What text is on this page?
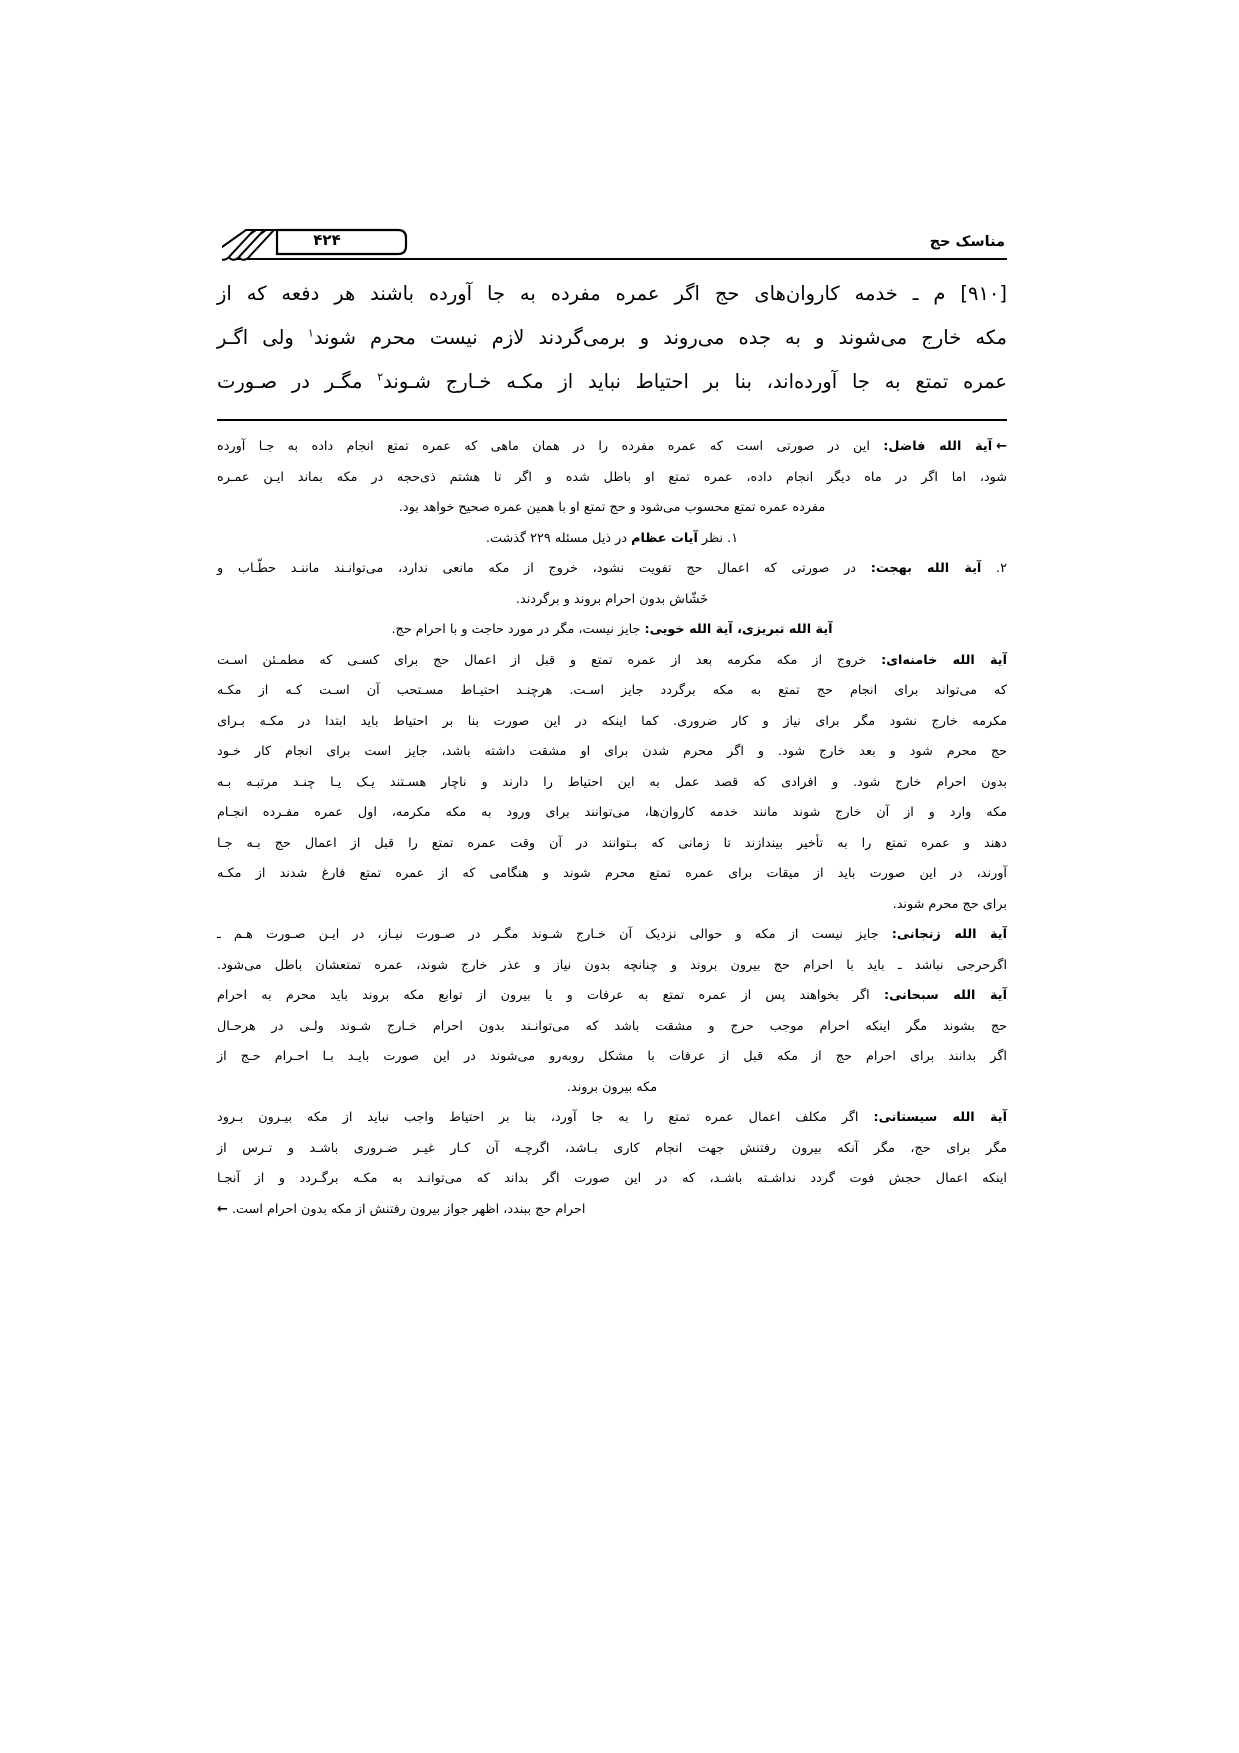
مناسک حج
۴۲۴

[۹۱۰] م ـ خدمه کاروان‌های حج اگر عمره مفرده به جا آورده باشند هر دفعه که از

مکه خارج می‌شوند و به جده می‌روند و برمی‌گردند لازم نیست محرم شوند$^۱$ ولی اگـر

عمره تمتع به جا آورده‌اند، بنا بر احتیاط نباید از مکـه خـارج شـوند$^۲$ مگـر در صـورت

←آیة الله فاضل: این در صورتی است که عمره مفرده را در همان ماهی که عمره تمتع انجام داده به جـا آورده

شود، اما اگر در ماه دیگر انجام داده، عمره تمتع او باطل شده و اگر تا هشتم ذی‌حجه در مکه بماند ایـن عمـره

مفرده عمره تمتع محسوب می‌شود و حج تمتع او با همین عمره صحیح خواهد بود.

۱. نظر آیات عظام در ذیل مسئله ۲۲۹ گذشت.

۲. آیة الله بهجت: در صورتی که اعمال حج تفویت نشود، خروج از مکه مانعی ندارد، می‌توانـند ماننـد حطّـاب و

خَشّاش بدون احرام بروند و برگردند.

آیة الله تبریزی، آیة الله خویی: جایز نیست، مگر در مورد حاجت و با احرام حج.

آیة الله خامنه‌ای: خروج از مکه مکرمه بعد از عمره تمتع و قبل از اعمال حج برای کسـی که مطمـئن اسـت

که می‌تواند برای انجام حج تمتع به مکه برگردد جایز اسـت. هرچنـد احتیـاط مسـتحب آن اسـت کـه از مکـه

مکرمه خارج نشود مگر برای نیاز و کار ضروری. کما اینکه در این صورت بنا بر احتیاط باید ابتدا در مکـه بـرای

حج محرم شود و بعد خارج شود. و اگر محرم شدن برای او مشقت داشته باشد، جایز است برای انجام کار خـود

بدون احرام خارج شود. و افرادی که قصد عمل به این احتیاط را دارند و ناچار هسـتند یـک یـا چنـد مرتبـه بـه

مکه وارد و از آن خارج شوند مانند خدمه کاروان‌ها، می‌توانند برای ورود به مکه مکرمه، اول عمره مفـرده انجـام

دهند و عمره تمتع را به تأخیر بیندازند تا زمانی که بـتوانند در آن وقت عمره تمتع را قبل از اعمال حج بـه جـا

آورند، در این صورت باید از میقات برای عمره تمتع محرم شوند و هنگامی که از عمره تمتع فارغ شدند از مکـه

برای حج محرم شوند.

آیة الله زنجانی: جایز نیست از مکه و حوالی نزدیک آن خـارج شـوند مگـر در صـورت نیـاز، در ایـن صـورت هـم ـ

اگرحرجی نباشد ـ باید با احرام حج بیرون بروند و چنانچه بدون نیاز و عذر خارج شوند، عمره تمتعشان باطل می‌شود.

آیة الله سبحانی: اگر بخواهند پس از عمره تمتع به عرفات و یا بیرون از توابع مکه بروند باید محرم به احرام

حج بشوند مگر اینکه احرام موجب حرج و مشقت باشد که می‌توانـند بدون احرام خـارج شـوند ولـی در هرحـال

اگر بدانند برای احرام حج از مکه قبل از عرفات با مشکل روبه‌رو می‌شوند در این صورت بایـد بـا احـرام حـج از

مکه بیرون بروند.

آیة الله سیستانی: اگر مکلف اعمال عمره تمتع را به جا آورد، بنا بر احتیاط واجب نباید از مکه بیـرون بـرود

مگر برای حج، مگر آنکه بیرون رفتنش جهت انجام کاری بـاشد، اگرچـه آن کـار غیـر ضـروری باشـد و تـرس از

اینکه اعمال حجش فوت گردد نداشـته باشـد، که در این صورت اگر بداند که می‌توانـد به مکـه برگـردد و از آنجـا

احرام حج ببندد، اظهر جواز بیرون رفتنش از مکه بدون احرام است. ←
